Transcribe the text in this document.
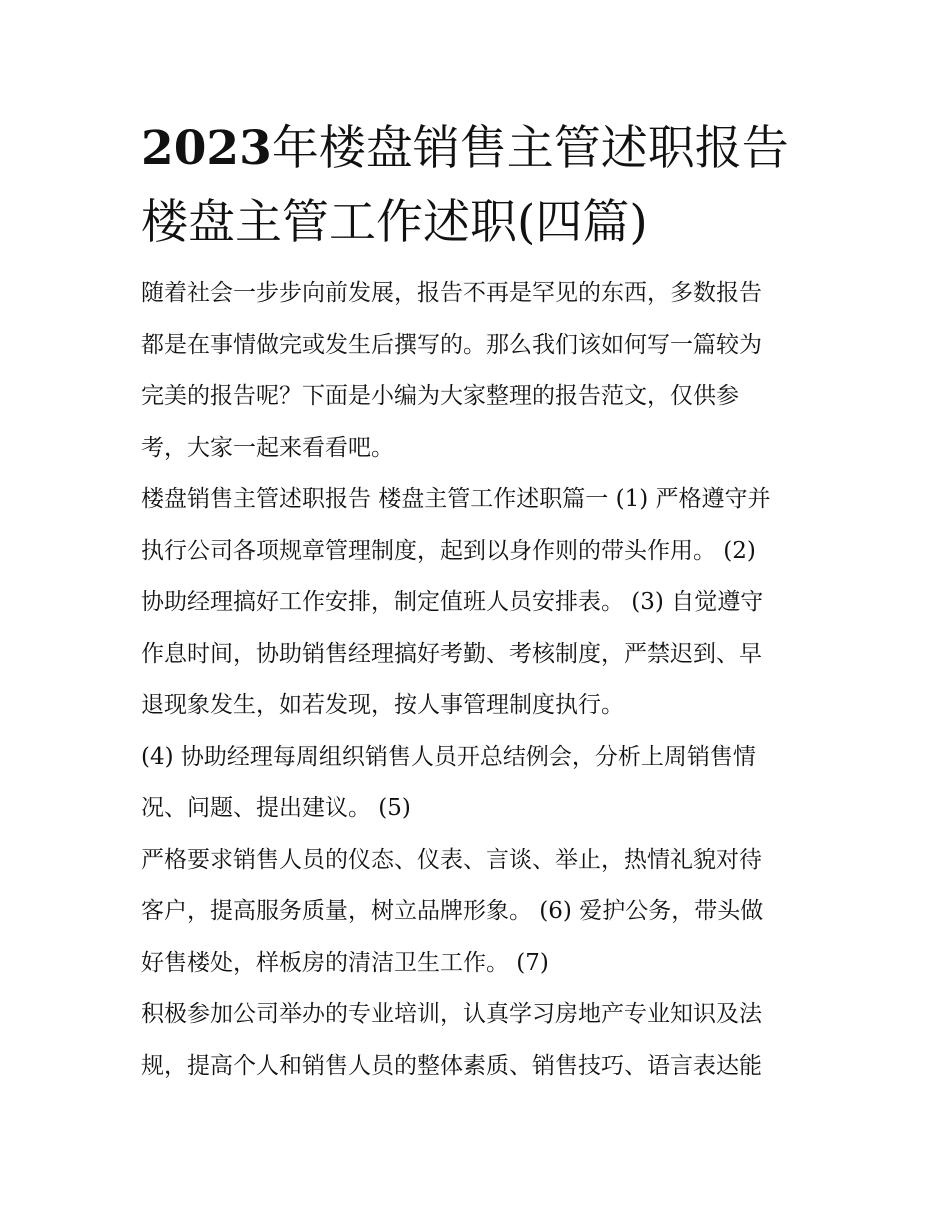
2023年楼盘销售主管述职报告
楼盘主管工作述职(四篇)
随着社会一步步向前发展，报告不再是罕见的东西，多数报告
都是在事情做完或发生后撰写的。那么我们该如何写一篇较为
完美的报告呢？下面是小编为大家整理的报告范文，仅供参
考，大家一起来看看吧。
楼盘销售主管述职报告 楼盘主管工作述职篇一 (1) 严格遵守并
执行公司各项规章管理制度，起到以身作则的带头作用。 (2)
协助经理搞好工作安排，制定值班人员安排表。 (3) 自觉遵守
作息时间，协助销售经理搞好考勤、考核制度，严禁迟到、早
退现象发生，如若发现，按人事管理制度执行。
(4) 协助经理每周组织销售人员开总结例会，分析上周销售情
况、问题、提出建议。 (5)
严格要求销售人员的仪态、仪表、言谈、举止，热情礼貌对待
客户，提高服务质量，树立品牌形象。 (6) 爱护公务，带头做
好售楼处，样板房的清洁卫生工作。 (7)
积极参加公司举办的专业培训，认真学习房地产专业知识及法
规，提高个人和销售人员的整体素质、销售技巧、语言表达能
